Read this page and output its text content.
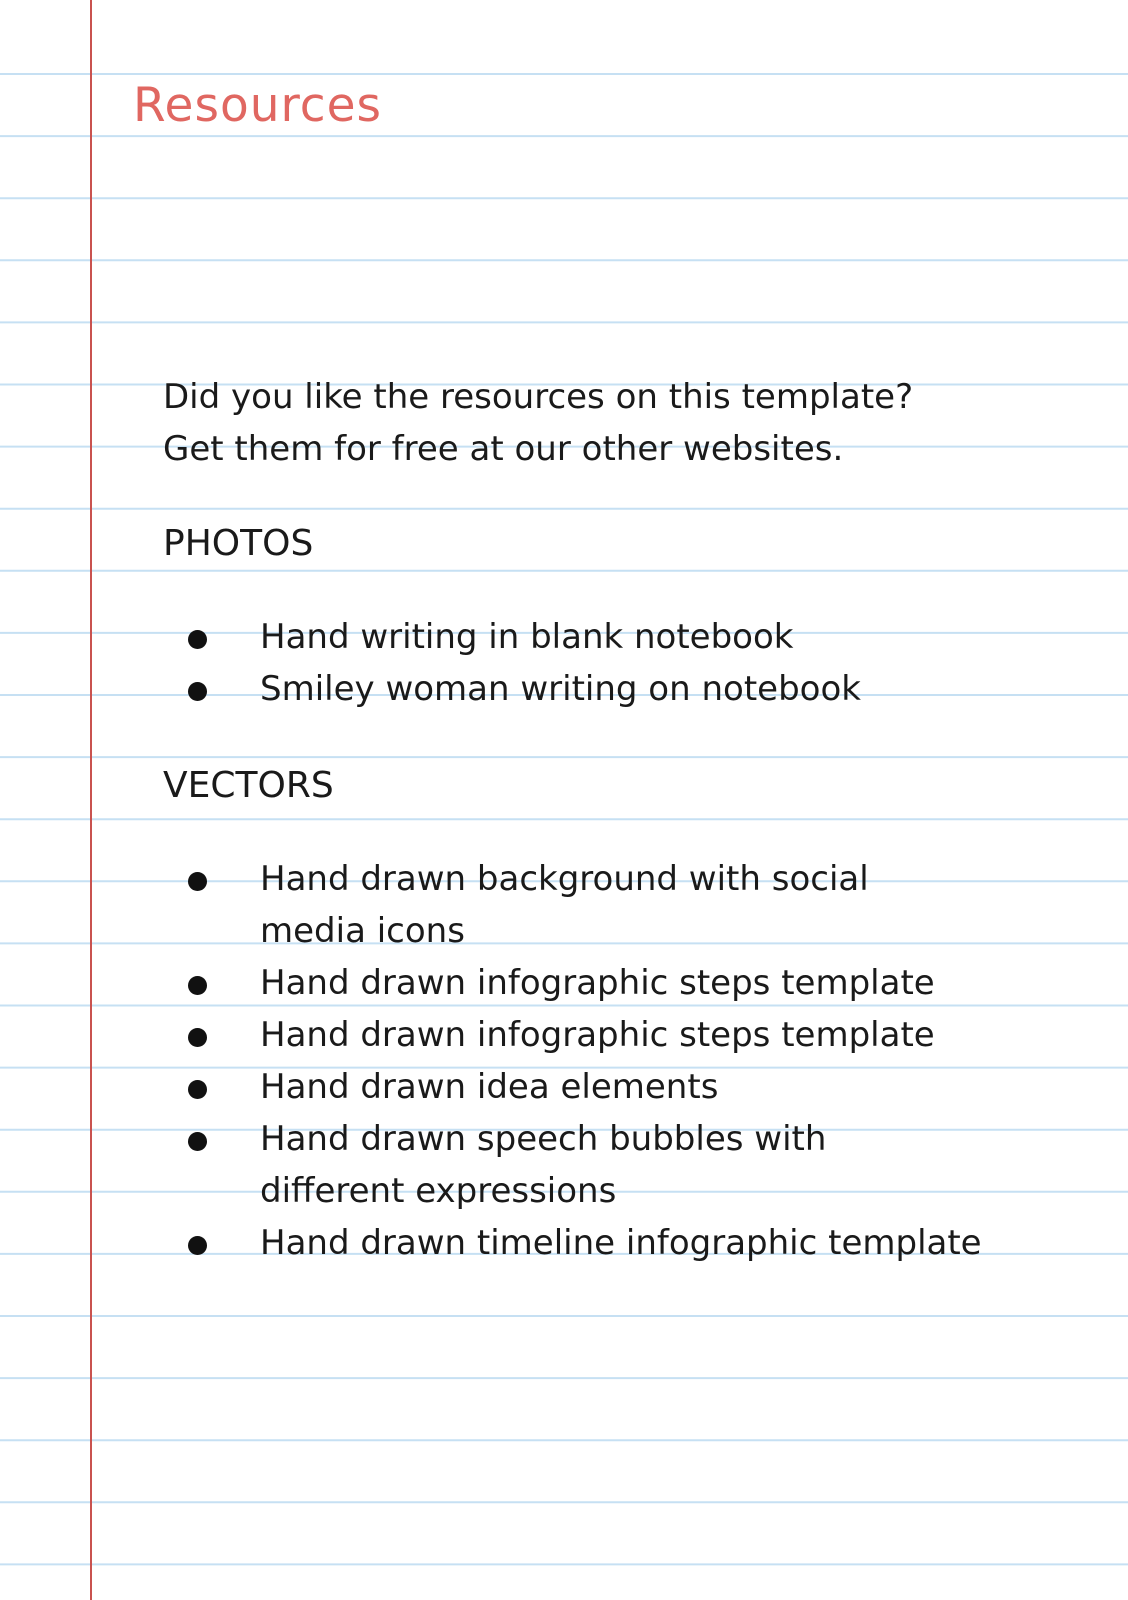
Resources
Did you like the resources on this template?
Get them for free at our other websites.
PHOTOS
Hand writing in blank notebook
Smiley woman writing on notebook
VECTORS
Hand drawn background with social media icons
Hand drawn infographic steps template
Hand drawn infographic steps template
Hand drawn idea elements
Hand drawn speech bubbles with different expressions
Hand drawn timeline infographic template
